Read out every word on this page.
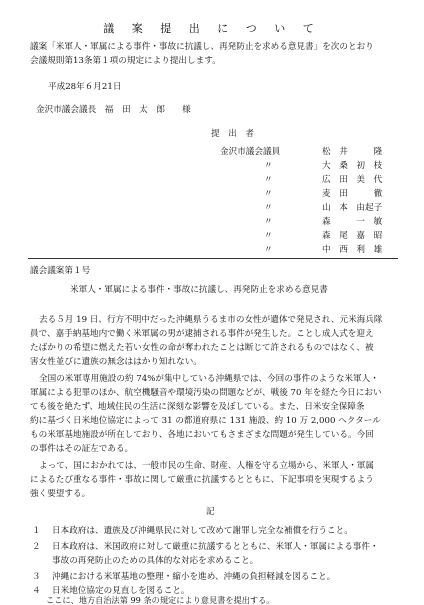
議 案 提 出 に つ い て
議案「米軍人・軍属による事件・事故に抗議し、再発防止を求める意見書」を次のとおり
会議規則第13条第１項の規定により提出します。
平成28年６月21日
金沢市議会議長　福　田　太　郎　　様
提　出　者
金沢市議会議員	松　井　　　隆
〃	大　桑　初　枝
〃	広　田　美　代
〃	麦　田　　　徹
〃	山　本　由起子
〃	森　　　一　敏
〃	森　尾　嘉　昭
〃	中　西　利　雄
議会議案第１号
米軍人・軍属による事件・事故に抗議し、再発防止を求める意見書
去る５月 19 日、行方不明中だった沖縄県うるま市の女性が遺体で発見され、元米海兵隊
員で、嘉手納基地内で働く米軍属の男が逮捕される事件が発生した。ことし成人式を迎え
たばかりの希望に燃えた若い女性の命が奪われたことは断じて許されるものではなく、被
害女性並びに遺族の無念ははかり知れない。
全国の米軍専用施設の約 74%が集中している沖縄県では、今回の事件のような米軍人・
軍属による犯罪のほか、航空機騒音や環境汚染の問題などが、戦後 70 年を経た今日におい
ても後を絶たず、地域住民の生活に深刻な影響を及ぼしている。また、日米安全保障条
約に基づく日米地位協定によって 31 の都道府県に 131 施設、約 10 万 2,000 ヘクタール
もの米軍基地施設が所在しており、各地においてもさまざまな問題が発生している。今回
の事件はその証左である。
よって、国におかれては、一般市民の生命、財産、人権を守る立場から、米軍人・軍属
によるたび重なる事件・事故に関して厳重に抗議するとともに、下記事項を実現するよう
強く要望する。
記
１ 日本政府は、遺族及び沖縄県民に対して改めて謝罪し完全な補償を行うこと。
２ 日本政府は、米国政府に対して厳重に抗議するとともに、米軍人・軍属による事件・
事故の再発防止のための具体的な対応を求めること。
３ 沖縄における米軍基地の整理・縮小を進め、沖縄の負担軽減を図ること。
４ 日米地位協定の見直しを図ること。
ここに、地方自治法第 99 条の規定により意見書を提出する。
